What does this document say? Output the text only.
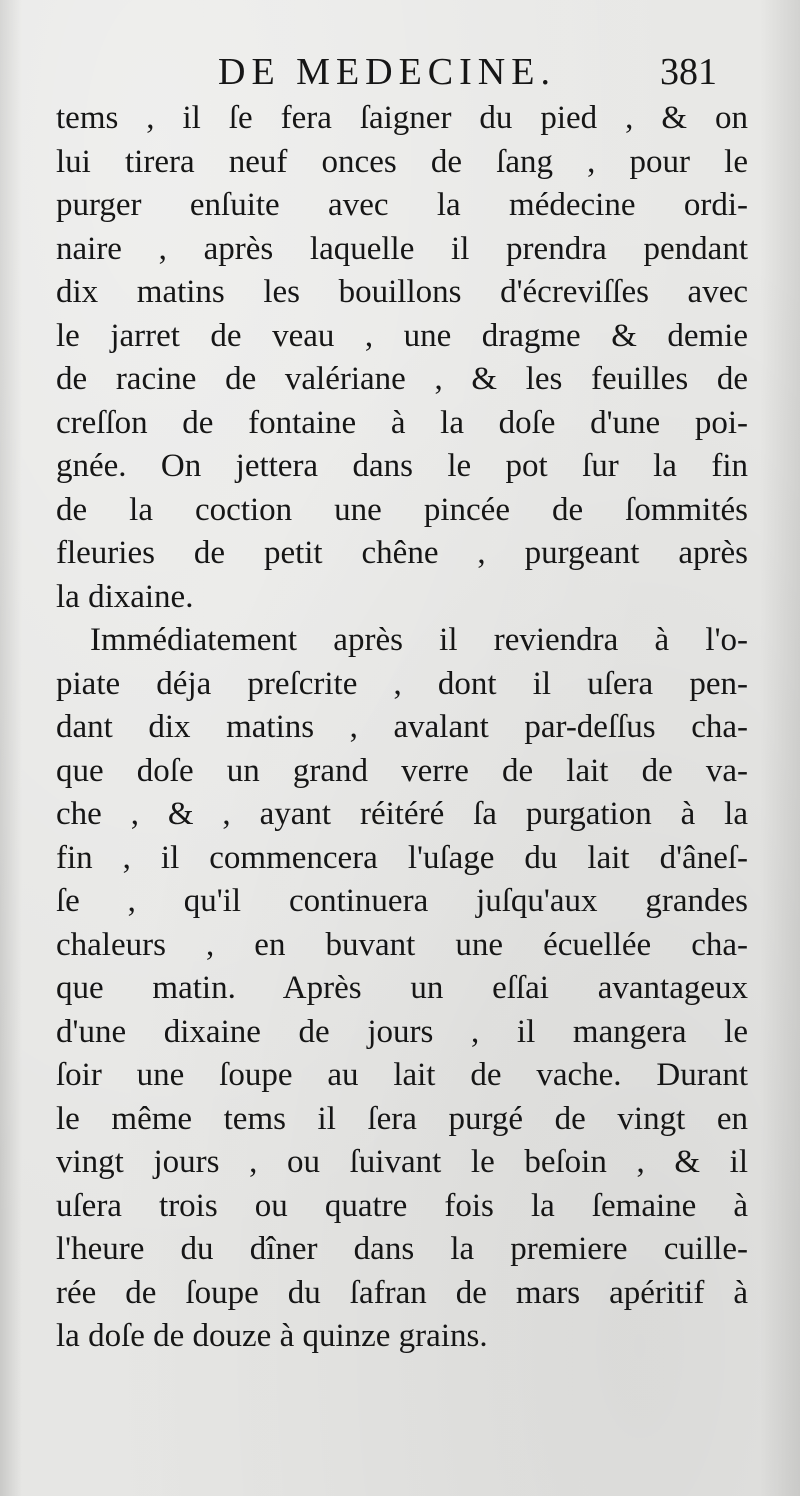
DE MEDECINE.	381
tems , il ſe fera ſaigner du pied , & on
lui tirera neuf onces de ſang , pour le
purger enſuite avec la médecine ordi-
naire , après laquelle il prendra pendant
dix matins les bouillons d'écreviſſes avec
le jarret de veau , une dragme & demie
de racine de valériane , & les feuilles de
creſſon de fontaine à la doſe d'une poi-
gnée. On jettera dans le pot ſur la fin
de la coction une pincée de ſommités
fleuries de petit chêne , purgeant après
la dixaine.
Immédiatement après il reviendra à l'o-
piate déja preſcrite , dont il uſera pen-
dant dix matins , avalant par-deſſus cha-
que doſe un grand verre de lait de va-
che , & , ayant réitéré ſa purgation à la
fin , il commencera l'uſage du lait d'âneſ-
ſe , qu'il continuera juſqu'aux grandes
chaleurs , en buvant une écuellée cha-
que matin. Après un eſſai avantageux
d'une dixaine de jours , il mangera le
ſoir une ſoupe au lait de vache. Durant
le même tems il ſera purgé de vingt en
vingt jours , ou ſuivant le beſoin , & il
uſera trois ou quatre fois la ſemaine à
l'heure du dîner dans la premiere cuille-
rée de ſoupe du ſafran de mars apéritif à
la doſe de douze à quinze grains.
